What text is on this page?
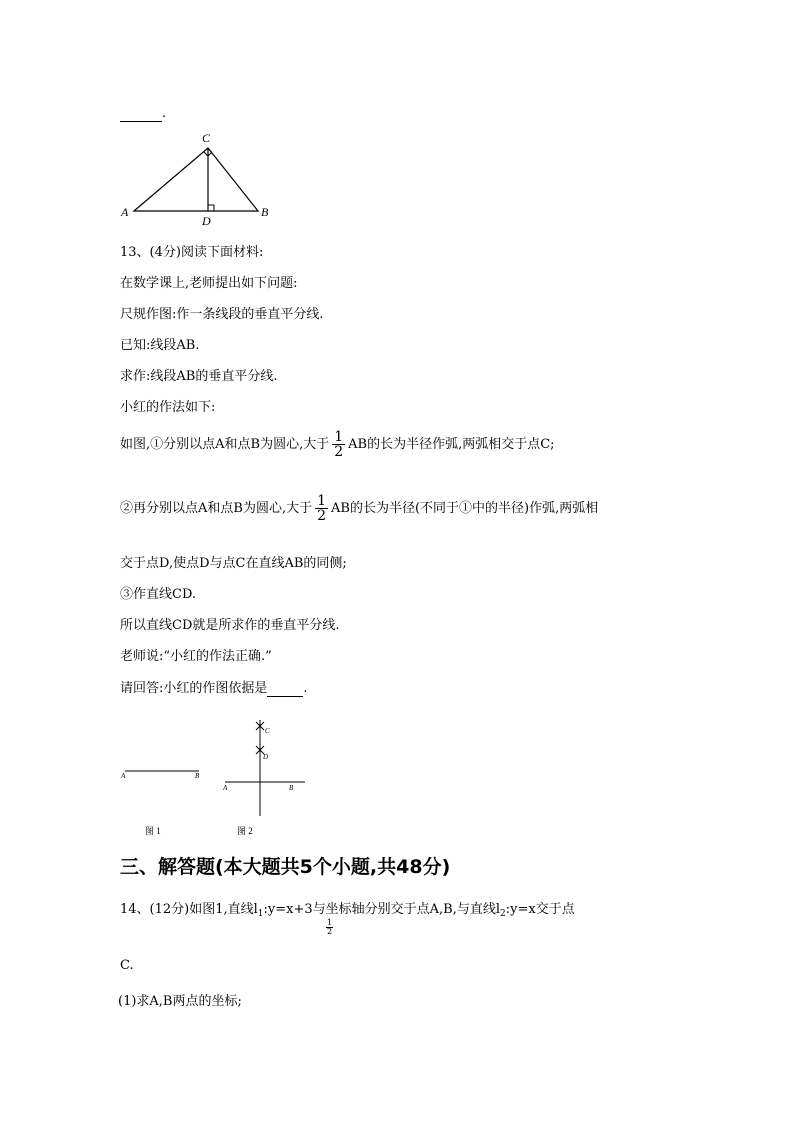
.
A	B
C
D
13、(4分)阅读下面材料:
在数学课上,老师提出如下问题:
尺规作图:作一条线段的垂直平分线.
已知:线段AB.
求作:线段AB的垂直平分线.
小红的作法如下:
如图,①分别以点A和点B为圆心,大于 $\frac{1}{2}$ AB的长为半径作弧,两弧相交于点C;
②再分别以点A和点B为圆心,大于 $\frac{1}{2}$ AB的长为半径(不同于①中的半径)作弧,两弧相
交于点D,使点D与点C在直线AB的同侧;
③作直线CD.
所以直线CD就是所求作的垂直平分线.
老师说:“小红的作法正确.”
请回答:小红的作图依据是	.
A	B
图 1
C
D
A	B
图 2
三、解答题(本大题共5个小题,共48分)
14、(12分)如图1,直线$l_1:y=x+3$与坐标轴分别交于点A,B,与直线$l_2:y=x$交于点
$\frac{1}{2}$
C.
(1)求A,B两点的坐标;
